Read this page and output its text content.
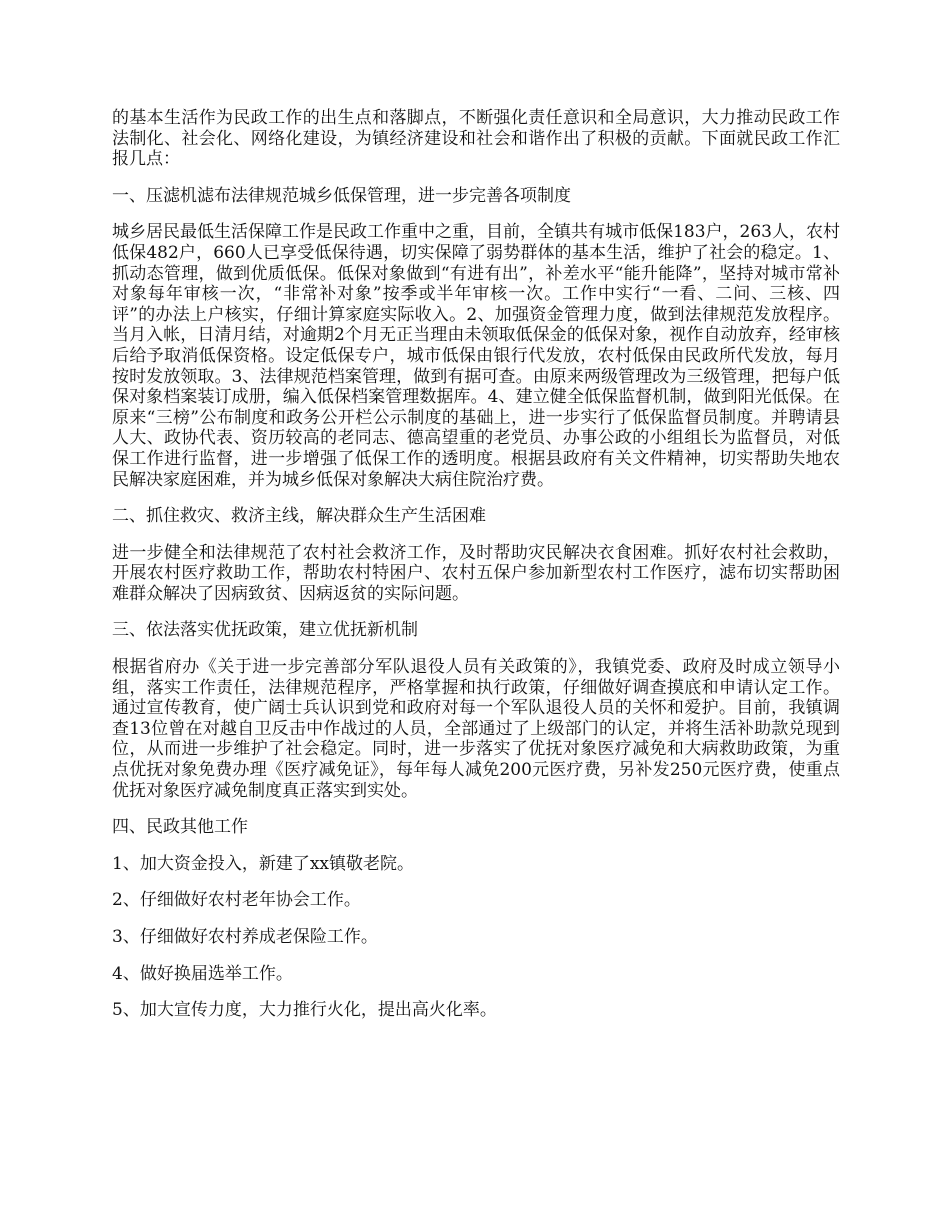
的基本生活作为民政工作的出生点和落脚点，不断强化责任意识和全局意识，大力推动民政工作法制化、社会化、网络化建设，为镇经济建设和社会和谐作出了积极的贡献。下面就民政工作汇报几点：

一、压滤机滤布法律规范城乡低保管理，进一步完善各项制度

城乡居民最低生活保障工作是民政工作重中之重，目前，全镇共有城市低保183户，263人，农村低保482户，660人已享受低保待遇，切实保障了弱势群体的基本生活，维护了社会的稳定。1、抓动态管理，做到优质低保。低保对象做到“有进有出”，补差水平“能升能降”，坚持对城市常补对象每年审核一次，“非常补对象”按季或半年审核一次。工作中实行“一看、二问、三核、四评”的办法上户核实，仔细计算家庭实际收入。2、加强资金管理力度，做到法律规范发放程序。当月入帐，日清月结，对逾期2个月无正当理由未领取低保金的低保对象，视作自动放弃，经审核后给予取消低保资格。设定低保专户，城市低保由银行代发放，农村低保由民政所代发放，每月按时发放领取。3、法律规范档案管理，做到有据可查。由原来两级管理改为三级管理，把每户低保对象档案装订成册，编入低保档案管理数据库。4、建立健全低保监督机制，做到阳光低保。在原来“三榜”公布制度和政务公开栏公示制度的基础上，进一步实行了低保监督员制度。并聘请县人大、政协代表、资历较高的老同志、德高望重的老党员、办事公政的小组组长为监督员，对低保工作进行监督，进一步增强了低保工作的透明度。根据县政府有关文件精神，切实帮助失地农民解决家庭困难，并为城乡低保对象解决大病住院治疗费。

二、抓住救灾、救济主线，解决群众生产生活困难

进一步健全和法律规范了农村社会救济工作，及时帮助灾民解决衣食困难。抓好农村社会救助，开展农村医疗救助工作，帮助农村特困户、农村五保户参加新型农村工作医疗，滤布切实帮助困难群众解决了因病致贫、因病返贫的实际问题。

三、依法落实优抚政策，建立优抚新机制

根据省府办《关于进一步完善部分军队退役人员有关政策的》，我镇党委、政府及时成立领导小组，落实工作责任，法律规范程序，严格掌握和执行政策，仔细做好调查摸底和申请认定工作。通过宣传教育，使广阔士兵认识到党和政府对每一个军队退役人员的关怀和爱护。目前，我镇调查13位曾在对越自卫反击中作战过的人员，全部通过了上级部门的认定，并将生活补助款兑现到位，从而进一步维护了社会稳定。同时，进一步落实了优抚对象医疗减免和大病救助政策，为重点优抚对象免费办理《医疗减免证》，每年每人减免200元医疗费，另补发250元医疗费，使重点优抚对象医疗减免制度真正落实到实处。

四、民政其他工作

1、加大资金投入，新建了xx镇敬老院。

2、仔细做好农村老年协会工作。

3、仔细做好农村养成老保险工作。

4、做好换届选举工作。

5、加大宣传力度，大力推行火化，提出高火化率。
